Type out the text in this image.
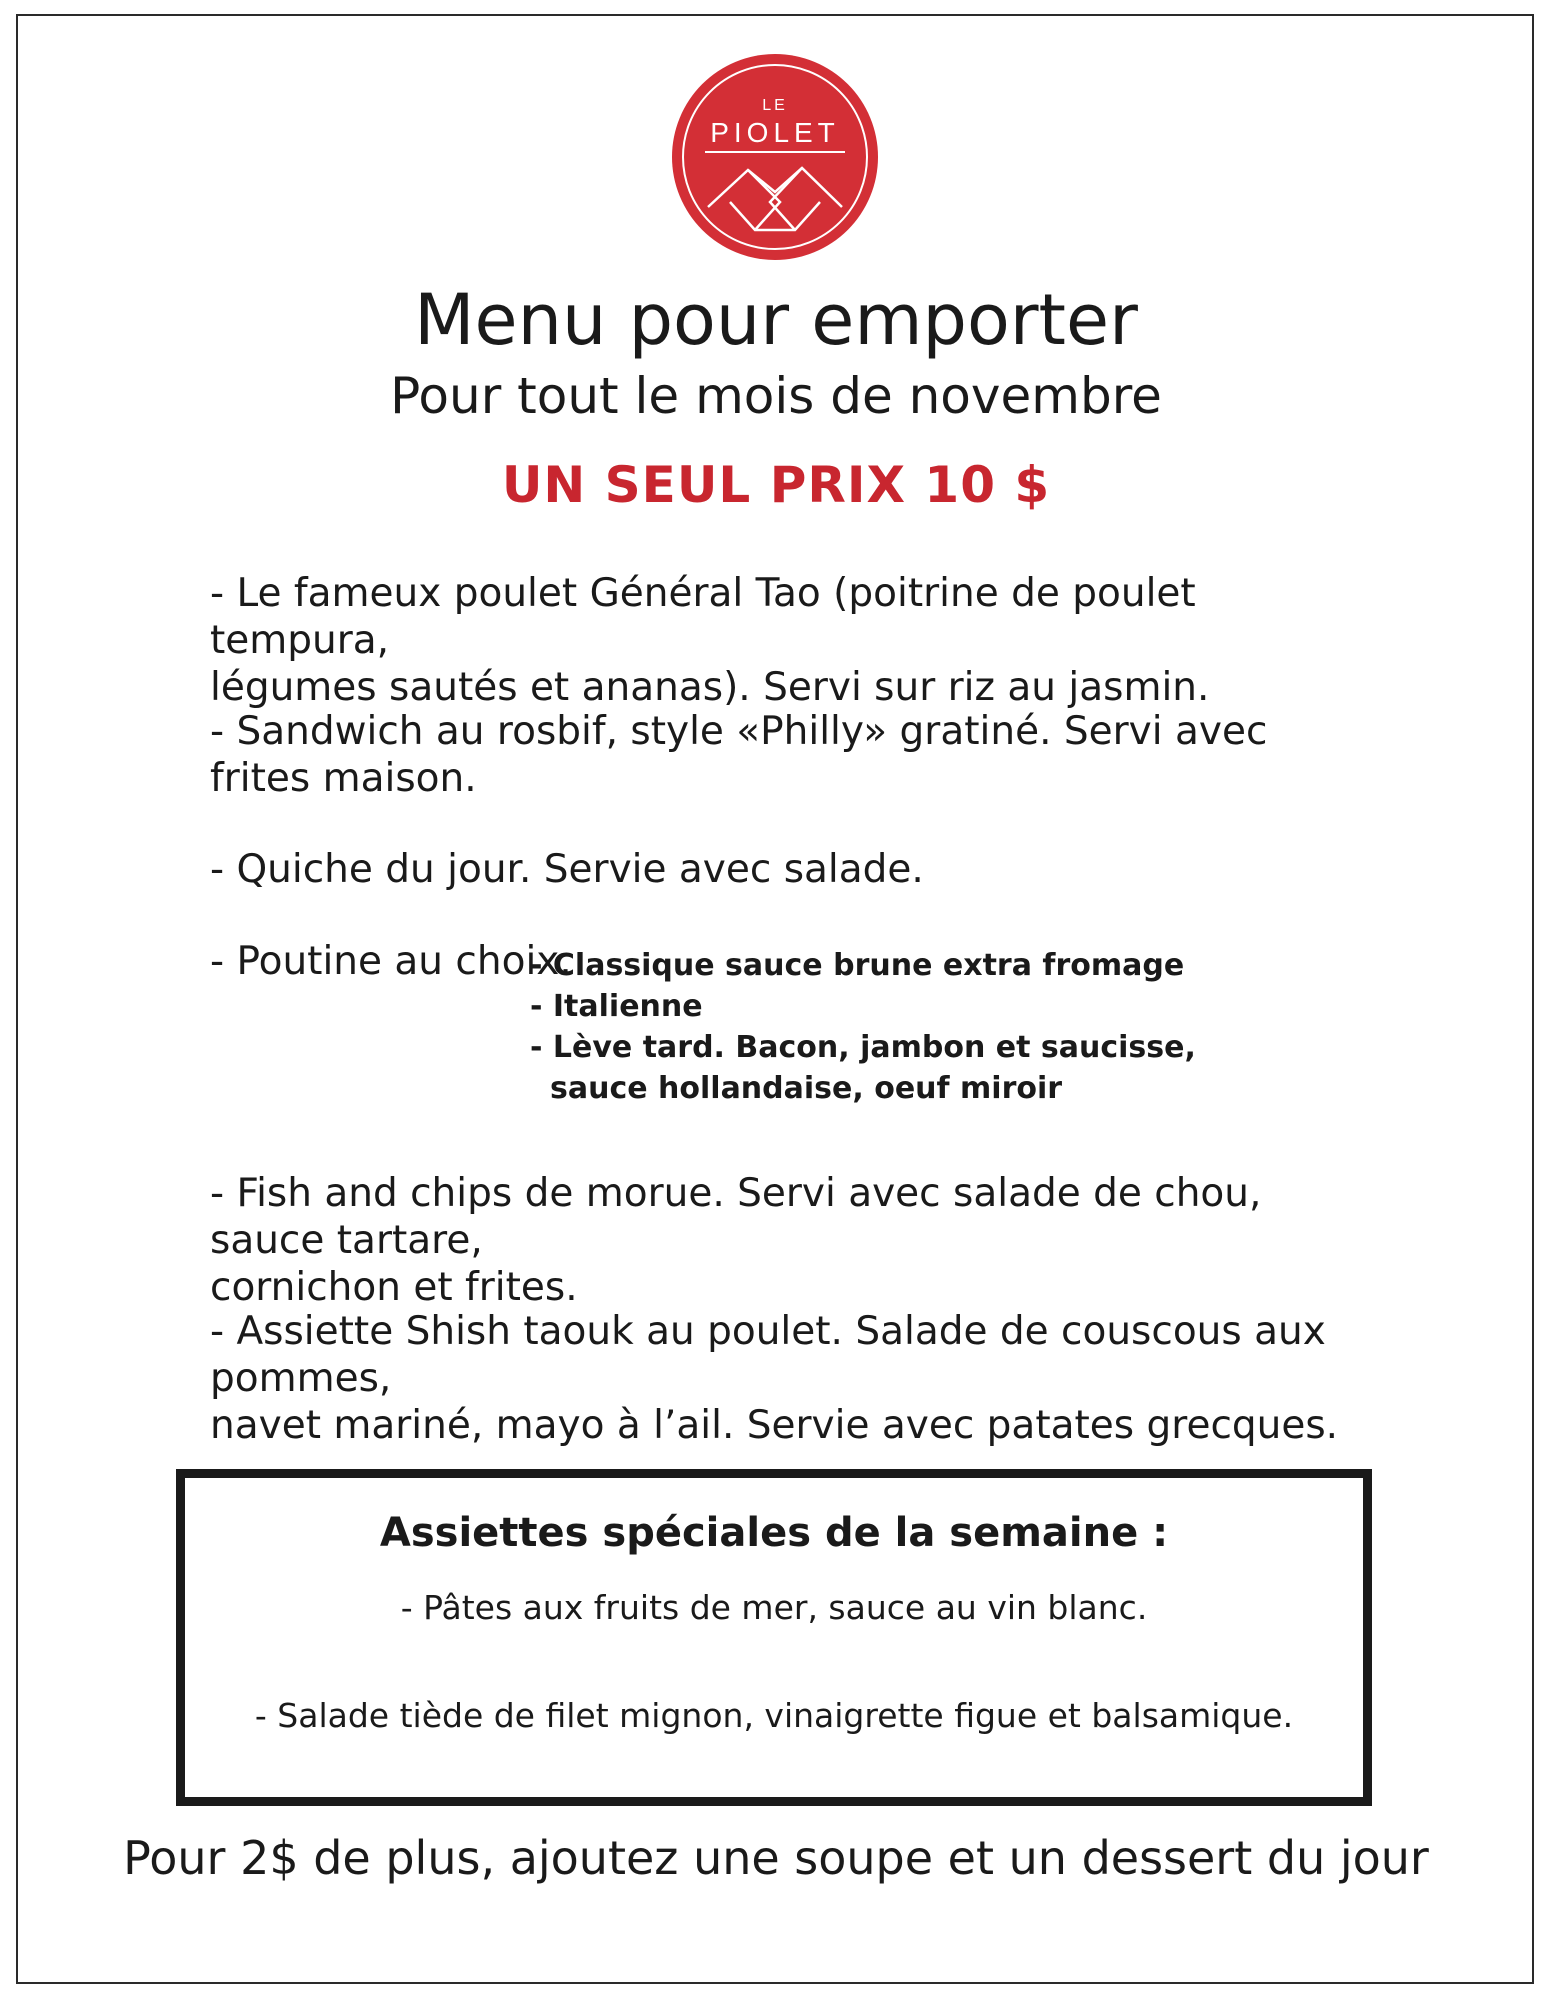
LE
PIOLET
Menu pour emporter
Pour tout le mois de novembre
UN SEUL PRIX 10 $
- Le fameux poulet Général Tao (poitrine de poulet tempura,
légumes sautés et ananas). Servi sur riz au jasmin.
- Sandwich au rosbif, style «Philly» gratiné. Servi avec
frites maison.
- Quiche du jour. Servie avec salade.
- Poutine au choix.
- Classique sauce brune extra fromage
- Italienne
- Lève tard. Bacon, jambon et saucisse,
sauce hollandaise, oeuf miroir
- Fish and chips de morue. Servi avec salade de chou, sauce tartare,
cornichon et frites.
- Assiette Shish taouk au poulet. Salade de couscous aux pommes,
navet mariné, mayo à l’ail. Servie avec patates grecques.
Assiettes spéciales de la semaine :
- Pâtes aux fruits de mer, sauce au vin blanc.
- Salade tiède de filet mignon, vinaigrette figue et balsamique.
Pour 2$ de plus, ajoutez une soupe et un dessert du jour
